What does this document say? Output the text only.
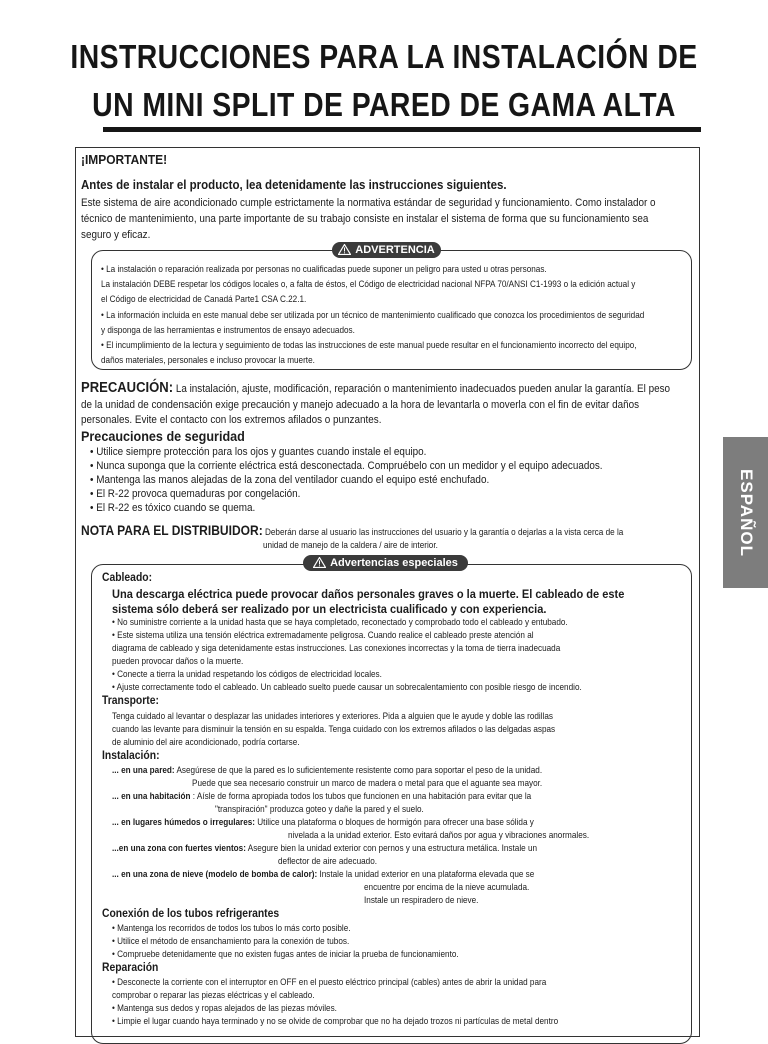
INSTRUCCIONES PARA LA INSTALACIÓN DE
UN MINI SPLIT DE PARED DE GAMA ALTA
ESPAÑOL
¡IMPORTANTE!
Antes de instalar el producto, lea detenidamente las instrucciones siguientes.
Este sistema de aire acondicionado cumple estrictamente la normativa estándar de seguridad y funcionamiento. Como instalador o
técnico de mantenimiento, una parte importante de su trabajo consiste en instalar el sistema de forma que su funcionamiento sea
seguro y eficaz.
ADVERTENCIA
• La instalación o reparación realizada por personas no cualificadas puede suponer un peligro para usted u otras personas.
La instalación DEBE respetar los códigos locales o, a falta de éstos, el Código de electricidad nacional NFPA 70/ANSI C1-1993 o la edición actual y
el Código de electricidad de Canadá Parte1 CSA C.22.1.
• La información incluida en este manual debe ser utilizada por un técnico de mantenimiento cualificado que conozca los procedimientos de seguridad
y disponga de las herramientas e instrumentos de ensayo adecuados.
• El incumplimiento de la lectura y seguimiento de todas las instrucciones de este manual puede resultar en el funcionamiento incorrecto del equipo,
daños materiales, personales e incluso provocar la muerte.
PRECAUCIÓN: La instalación, ajuste, modificación, reparación o mantenimiento inadecuados pueden anular la garantía. El peso
de la unidad de condensación exige precaución y manejo adecuado a la hora de levantarla o moverla con el fin de evitar daños
personales. Evite el contacto con los extremos afilados o punzantes.
Precauciones de seguridad
• Utilice siempre protección para los ojos y guantes cuando instale el equipo.
• Nunca suponga que la corriente eléctrica está desconectada. Compruébelo con un medidor y el equipo adecuados.
• Mantenga las manos alejadas de la zona del ventilador cuando el equipo esté enchufado.
• El R-22 provoca quemaduras por congelación.
• El R-22 es tóxico cuando se quema.
NOTA PARA EL DISTRIBUIDOR: Deberán darse al usuario las instrucciones del usuario y la garantía o dejarlas a la vista cerca de la
unidad de manejo de la caldera / aire de interior.
Advertencias especiales
Cableado:
Una descarga eléctrica puede provocar daños personales graves o la muerte. El cableado de este
sistema sólo deberá ser realizado por un electricista cualificado y con experiencia.
• No suministre corriente a la unidad hasta que se haya completado, reconectado y comprobado todo el cableado y entubado.
• Este sistema utiliza una tensión eléctrica extremadamente peligrosa. Cuando realice el cableado preste atención al
diagrama de cableado y siga detenidamente estas instrucciones. Las conexiones incorrectas y la toma de tierra inadecuada
pueden provocar daños o la muerte.
• Conecte a tierra la unidad respetando los códigos de electricidad locales.
• Ajuste correctamente todo el cableado. Un cableado suelto puede causar un sobrecalentamiento con posible riesgo de incendio.
Transporte:
Tenga cuidado al levantar o desplazar las unidades interiores y exteriores. Pida a alguien que le ayude y doble las rodillas
cuando las levante para disminuir la tensión en su espalda. Tenga cuidado con los extremos afilados o las delgadas aspas
de aluminio del aire acondicionado, podría cortarse.
Instalación:
... en una pared: Asegúrese de que la pared es lo suficientemente resistente como para soportar el peso de la unidad.
Puede que sea necesario construir un marco de madera o metal para que el aguante sea mayor.
... en una habitación : Aísle de forma apropiada todos los tubos que funcionen en una habitación para evitar que la
"transpiración" produzca goteo y dañe la pared y el suelo.
... en lugares húmedos o irregulares: Utilice una plataforma o bloques de hormigón para ofrecer una base sólida y
nivelada a la unidad exterior. Esto evitará daños por agua y vibraciones anormales.
...en una zona con fuertes vientos: Asegure bien la unidad exterior con pernos y una estructura metálica. Instale un
deflector de aire adecuado.
... en una zona de nieve (modelo de bomba de calor): Instale la unidad exterior en una plataforma elevada que se
encuentre por encima de la nieve acumulada.
Instale un respiradero de nieve.
Conexión de los tubos refrigerantes
• Mantenga los recorridos de todos los tubos lo más corto posible.
• Utilice el método de ensanchamiento para la conexión de tubos.
• Compruebe detenidamente que no existen fugas antes de iniciar la prueba de funcionamiento.
Reparación
• Desconecte la corriente con el interruptor en OFF en el puesto eléctrico principal (cables) antes de abrir la unidad para
comprobar o reparar las piezas eléctricas y el cableado.
• Mantenga sus dedos y ropas alejados de las piezas móviles.
• Limpie el lugar cuando haya terminado y no se olvide de comprobar que no ha dejado trozos ni partículas de metal dentro
